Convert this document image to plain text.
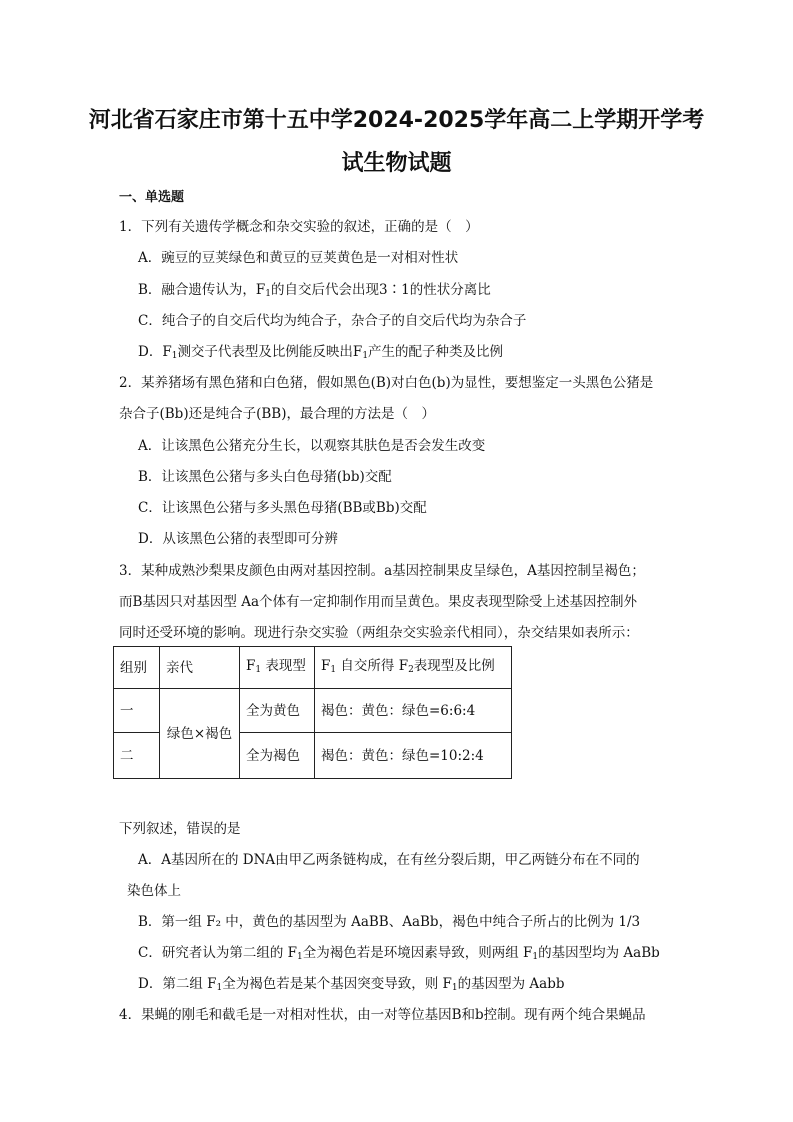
河北省石家庄市第十五中学2024-2025学年高二上学期开学考
试生物试题
一、单选题
1．下列有关遗传学概念和杂交实验的叙述，正确的是（　）
A．豌豆的豆荚绿色和黄豆的豆荚黄色是一对相对性状
B．融合遗传认为，$F_1$的自交后代会出现3∶1的性状分离比
C．纯合子的自交后代均为纯合子，杂合子的自交后代均为杂合子
D．$F_1$测交子代表型及比例能反映出$F_1$产生的配子种类及比例
2．某养猪场有黑色猪和白色猪，假如黑色(B)对白色(b)为显性，要想鉴定一头黑色公猪是
杂合子(Bb)还是纯合子(BB)，最合理的方法是（　）
A．让该黑色公猪充分生长，以观察其肤色是否会发生改变
B．让该黑色公猪与多头白色母猪(bb)交配
C．让该黑色公猪与多头黑色母猪(BB或Bb)交配
D．从该黑色公猪的表型即可分辨
3．某种成熟沙梨果皮颜色由两对基因控制。a基因控制果皮呈绿色，A基因控制呈褐色；
而B基因只对基因型 Aa个体有一定抑制作用而呈黄色。果皮表现型除受上述基因控制外
同时还受环境的影响。现进行杂交实验（两组杂交实验亲代相同），杂交结果如表所示：
组别	亲代	$F_1$ 表现型	$F_1$ 自交所得 $F_2$表现型及比例
一	绿色×褐色	全为黄色	褐色：黄色：绿色=6:6:4
二		全为褐色	褐色：黄色：绿色=10:2:4
下列叙述，错误的是
A．A基因所在的 DNA由甲乙两条链构成，在有丝分裂后期，甲乙两链分布在不同的
染色体上
B．第一组 F₂ 中，黄色的基因型为 AaBB、AaBb，褐色中纯合子所占的比例为 1/3
C．研究者认为第二组的 $F_1$全为褐色若是环境因素导致，则两组 $F_1$的基因型均为 AaBb
D．第二组 $F_1$全为褐色若是某个基因突变导致，则 $F_1$的基因型为 Aabb
4．果蝇的刚毛和截毛是一对相对性状，由一对等位基因B和b控制。现有两个纯合果蝇品
